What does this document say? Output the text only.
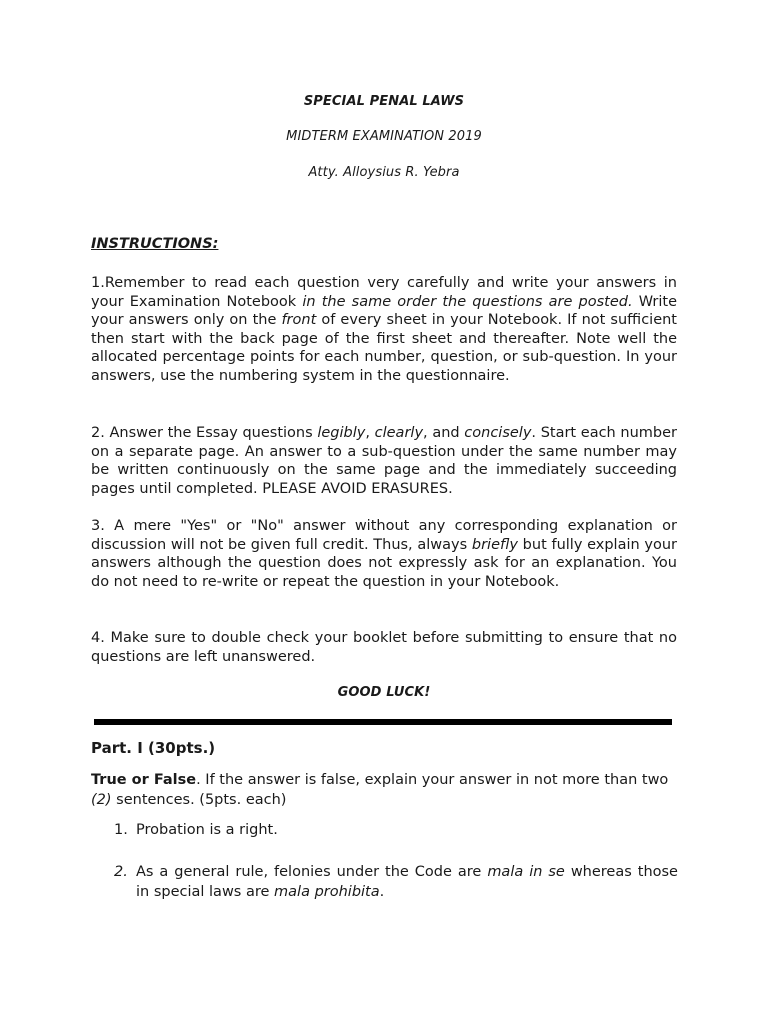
SPECIAL PENAL LAWS
MIDTERM EXAMINATION 2019
Atty. Alloysius R. Yebra
INSTRUCTIONS:
1.Remember to read each question very carefully and write your answers in your Examination Notebook in the same order the questions are posted. Write your answers only on the front of every sheet in your Notebook. If not sufficient then start with the back page of the first sheet and thereafter. Note well the allocated percentage points for each number, question, or sub-question. In your answers, use the numbering system in the questionnaire.
2. Answer the Essay questions legibly, clearly, and concisely. Start each number on a separate page. An answer to a sub-question under the same number may be written continuously on the same page and the immediately succeeding pages until completed. PLEASE AVOID ERASURES.
3. A mere "Yes" or "No" answer without any corresponding explanation or discussion will not be given full credit. Thus, always briefly but fully explain your answers although the question does not expressly ask for an explanation. You do not need to re-write or repeat the question in your Notebook.
4. Make sure to double check your booklet before submitting to ensure that no questions are left unanswered.
GOOD LUCK!
Part. I (30pts.)
True or False. If the answer is false, explain your answer in not more than two (2) sentences. (5pts. each)
1. Probation is a right.
2. As a general rule, felonies under the Code are mala in se whereas those in special laws are mala prohibita.
